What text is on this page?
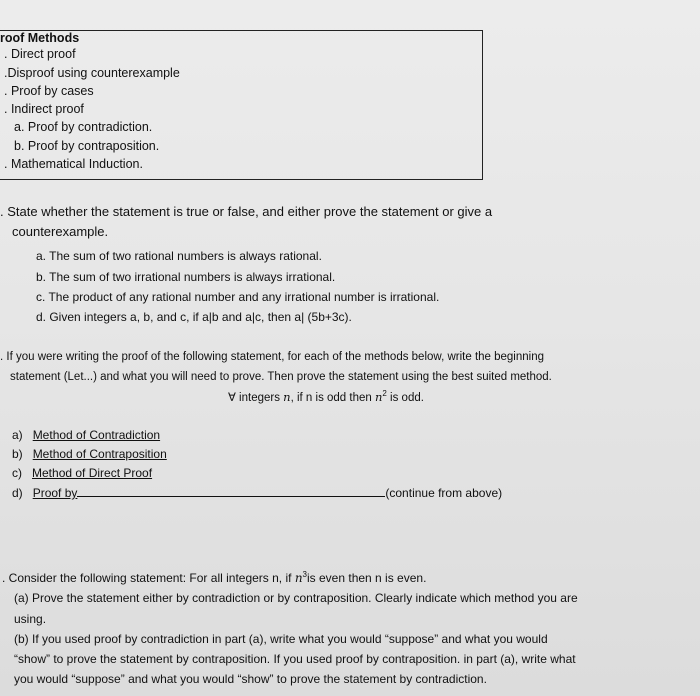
roof Methods
. Direct proof
.Disproof using counterexample
. Proof by cases
. Indirect proof
a. Proof by contradiction.
b. Proof by contraposition.
. Mathematical Induction.
. State whether the statement is true or false, and either prove the statement or give a
counterexample.
a. The sum of two rational numbers is always rational.
b. The sum of two irrational numbers is always irrational.
c. The product of any rational number and any irrational number is irrational.
d. Given integers a, b, and c, if a|b and a|c, then a| (5b+3c).
. If you were writing the proof of the following statement, for each of the methods below, write the beginning
statement (Let...) and what you will need to prove. Then prove the statement using the best suited method.
∀ integers n, if n is odd then $n^2$ is odd.
a) Method of Contradiction
b) Method of Contraposition
c) Method of Direct Proof
d) Proof by	(continue from above)
. Consider the following statement: For all integers n, if $n^3is$ even then n is even.
(a) Prove the statement either by contradiction or by contraposition. Clearly indicate which method you are
using.
(b) If you used proof by contradiction in part (a), write what you would “suppose” and what you would
“show” to prove the statement by contraposition. If you used proof by contraposition. in part (a), write what
you would “suppose” and what you would “show” to prove the statement by contradiction.
